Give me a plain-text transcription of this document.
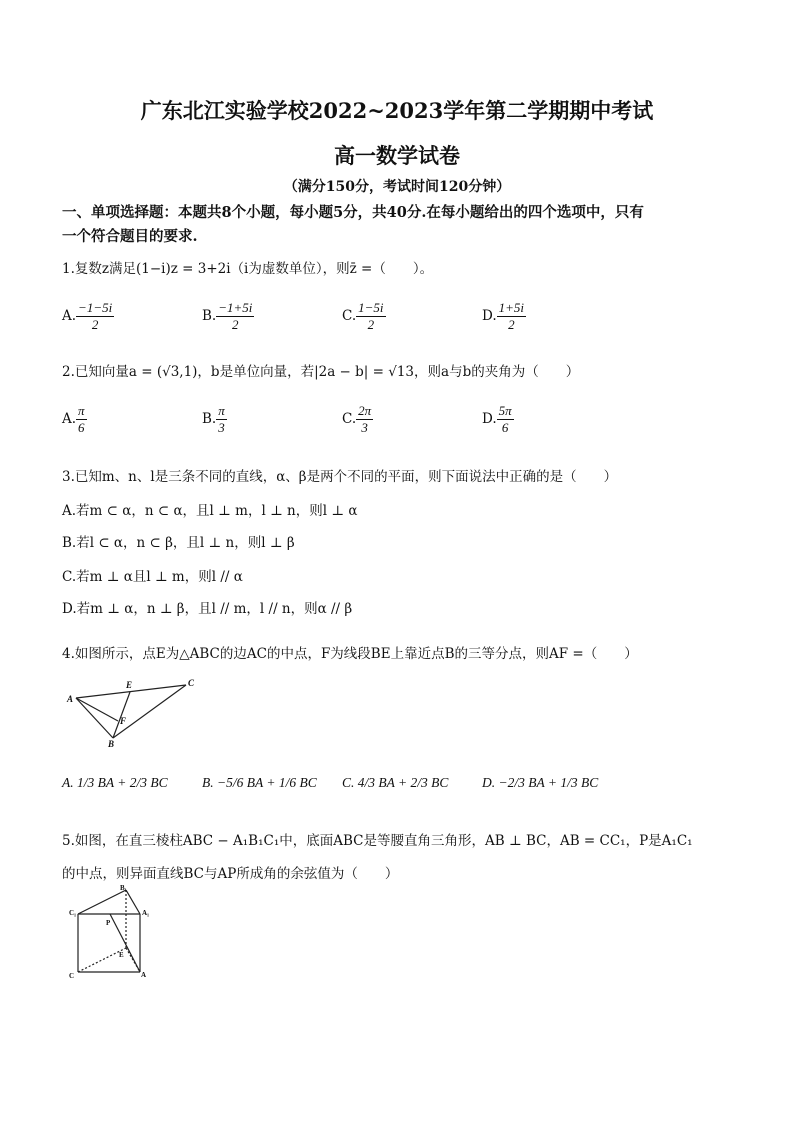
广东北江实验学校2022~2023学年第二学期期中考试
高一数学试卷
（满分150分，考试时间120分钟）
一、单项选择题：本题共8个小题，每小题5分，共40分.在每小题给出的四个选项中，只有
一个符合题目的要求.
1.复数z满足(1−i)z = 3+2i（i为虚数单位），则z̄ =（　　）。
A. $\frac{-1-5i}{2}$	B. $\frac{-1+5i}{2}$	C. $\frac{1-5i}{2}$	D. $\frac{1+5i}{2}$
2.已知向量a = (√3,1)，b是单位向量，若|2a − b| = √13，则a与b的夹角为（　　）
A. $\frac{\pi}{6}$	B. $\frac{\pi}{3}$	C. $\frac{2\pi}{3}$	D. $\frac{5\pi}{6}$
3.已知m、n、l是三条不同的直线，α、β是两个不同的平面，则下面说法中正确的是（　　）
A.若m ⊂ α，n ⊂ α，且l ⊥ m，l ⊥ n，则l ⊥ α
B.若l ⊂ α，n ⊂ β，且l ⊥ n，则l ⊥ β
C.若m ⊥ α且l ⊥ m，则l // α
D.若m ⊥ α，n ⊥ β，且l // m，l // n，则α // β
4.如图所示，点E为△ABC的边AC的中点，F为线段BE上靠近点B的三等分点，则AF =（　　）
A
E	C
F
B
A. 1/3 BA + 2/3 BC	B. −5/6 BA + 1/6 BC C. 4/3 BA + 2/3 BC D. −2/3 BA + 1/3 BC
5.如图，在直三棱柱ABC − A₁B₁C₁中，底面ABC是等腰直角三角形，AB ⊥ BC，AB = CC₁，P是A₁C₁
的中点，则异面直线BC与AP所成角的余弦值为（　　）
B₁
C₁	A₁
P
E
C	A
